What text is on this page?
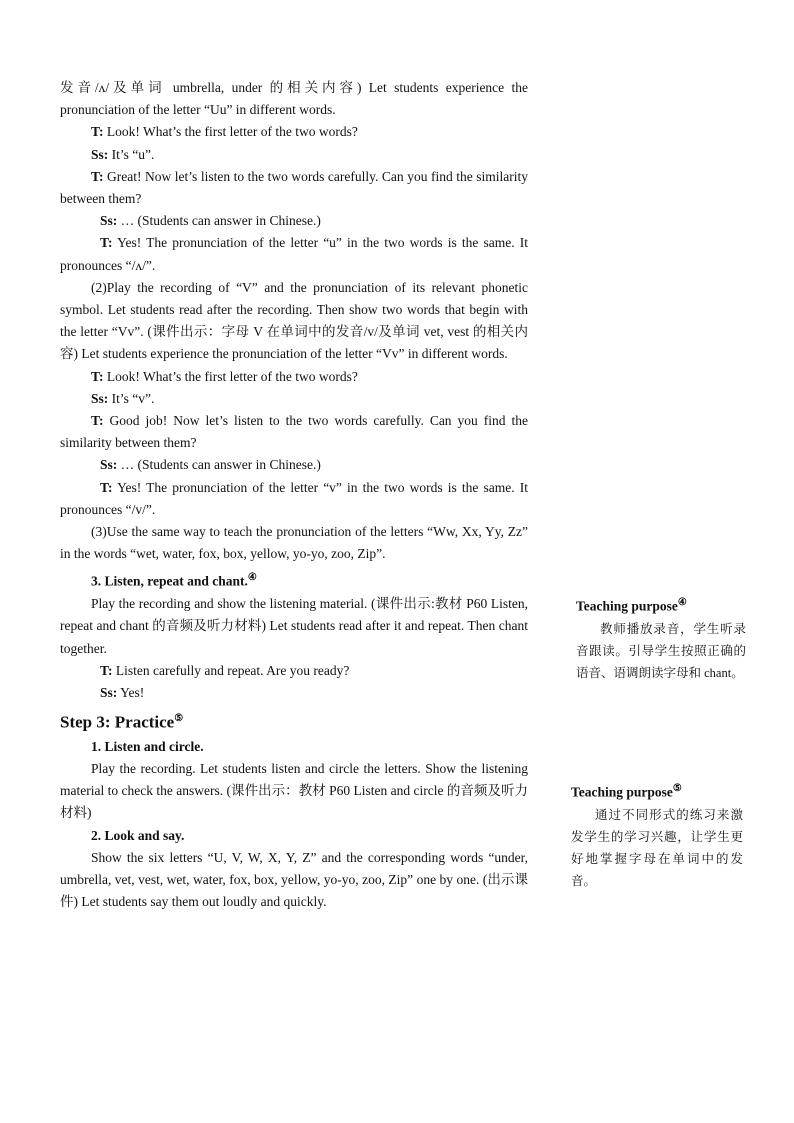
发音/ʌ/及单词 umbrella, under 的相关内容) Let students experience the pronunciation of the letter “Uu” in different words.

T: Look! What’s the first letter of the two words?

Ss: It’s “u”.

T: Great! Now let’s listen to the two words carefully. Can you find the similarity between them?

Ss: … (Students can answer in Chinese.)

T: Yes! The pronunciation of the letter “u” in the two words is the same. It pronounces “/ʌ/”.

(2)Play the recording of “V” and the pronunciation of its relevant phonetic symbol. Let students read after the recording. Then show two words that begin with the letter “Vv”. (课件出示：字母 V 在单词中的发音/v/及单词 vet, vest 的相关内容) Let students experience the pronunciation of the letter “Vv” in different words.

T: Look! What’s the first letter of the two words?

Ss: It’s “v”.

T: Good job! Now let’s listen to the two words carefully. Can you find the similarity between them?

Ss: … (Students can answer in Chinese.)

T: Yes! The pronunciation of the letter “v” in the two words is the same. It pronounces “/v/”.

(3)Use the same way to teach the pronunciation of the letters “Ww, Xx, Yy, Zz” in the words “wet, water, fox, box, yellow, yo-yo, zoo, Zip”.

3. Listen, repeat and chant.④

Play the recording and show the listening material. (课件出示:教材 P60 Listen, repeat and chant 的音频及听力材料) Let students read after it and repeat. Then chant together.

T: Listen carefully and repeat. Are you ready?

Ss: Yes!

Step 3: Practice⑤

1. Listen and circle.

Play the recording. Let students listen and circle the letters. Show the listening material to check the answers. (课件出示：教材 P60 Listen and circle 的音频及听力材料)

2. Look and say.

Show the six letters “U, V, W, X, Y, Z” and the corresponding words “under, umbrella, vet, vest, wet, water, fox, box, yellow, yo-yo, zoo, Zip” one by one. (出示课件) Let students say them out loudly and quickly.

Teaching purpose④

教师播放录音，学生听录音跟读。引导学生按照正确的语音、语调朗读字母和 chant。

Teaching purpose⑤

通过不同形式的练习来激发学生的学习兴趣，让学生更好地掌握字母在单词中的发音。
